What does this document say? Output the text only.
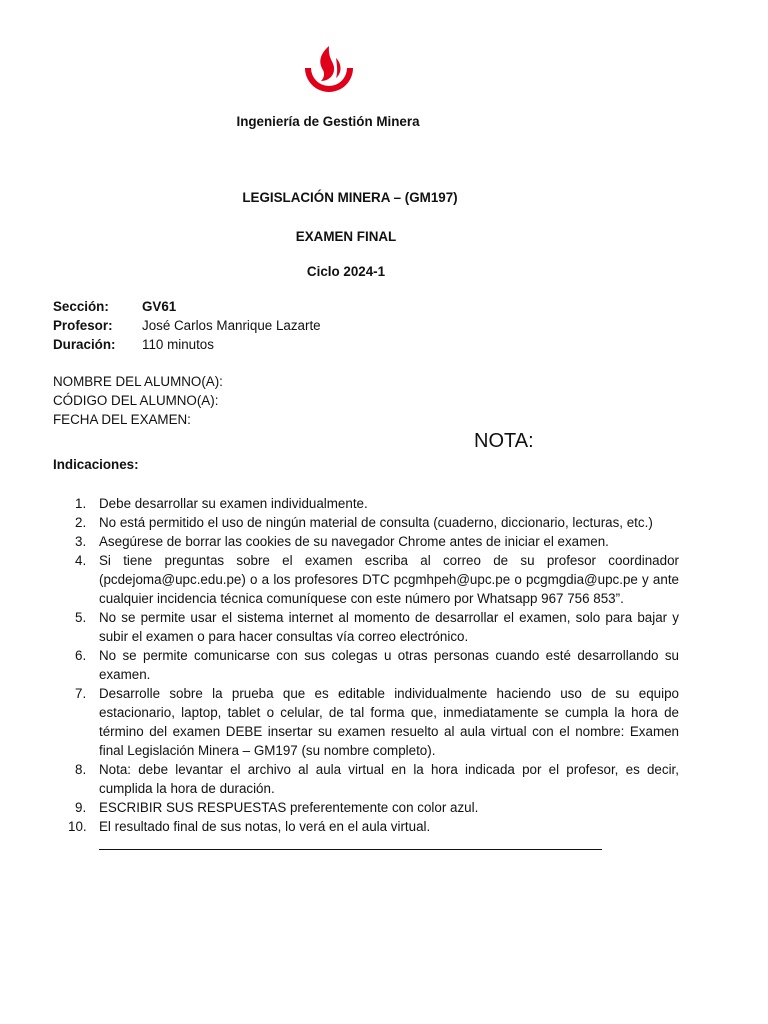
Ingeniería de Gestión Minera
LEGISLACIÓN MINERA – (GM197)
EXAMEN FINAL
Ciclo 2024-1
Sección: GV61
Profesor: José Carlos Manrique Lazarte
Duración: 110 minutos
NOMBRE DEL ALUMNO(A):
CÓDIGO DEL ALUMNO(A):
FECHA DEL EXAMEN:
NOTA:
Indicaciones:
1. Debe desarrollar su examen individualmente.
2. No está permitido el uso de ningún material de consulta (cuaderno, diccionario, lecturas, etc.)
3. Asegúrese de borrar las cookies de su navegador Chrome antes de iniciar el examen.
4. Si tiene preguntas sobre el examen escriba al correo de su profesor coordinador (pcdejoma@upc.edu.pe) o a los profesores DTC pcgmhpeh@upc.pe o pcgmgdia@upc.pe y ante cualquier incidencia técnica comuníquese con este número por Whatsapp 967 756 853”.
5. No se permite usar el sistema internet al momento de desarrollar el examen, solo para bajar y subir el examen o para hacer consultas vía correo electrónico.
6. No se permite comunicarse con sus colegas u otras personas cuando esté desarrollando su examen.
7. Desarrolle sobre la prueba que es editable individualmente haciendo uso de su equipo estacionario, laptop, tablet o celular, de tal forma que, inmediatamente se cumpla la hora de término del examen DEBE insertar su examen resuelto al aula virtual con el nombre: Examen final Legislación Minera – GM197 (su nombre completo).
8. Nota: debe levantar el archivo al aula virtual en la hora indicada por el profesor, es decir, cumplida la hora de duración.
9. ESCRIBIR SUS RESPUESTAS preferentemente con color azul.
10. El resultado final de sus notas, lo verá en el aula virtual.
